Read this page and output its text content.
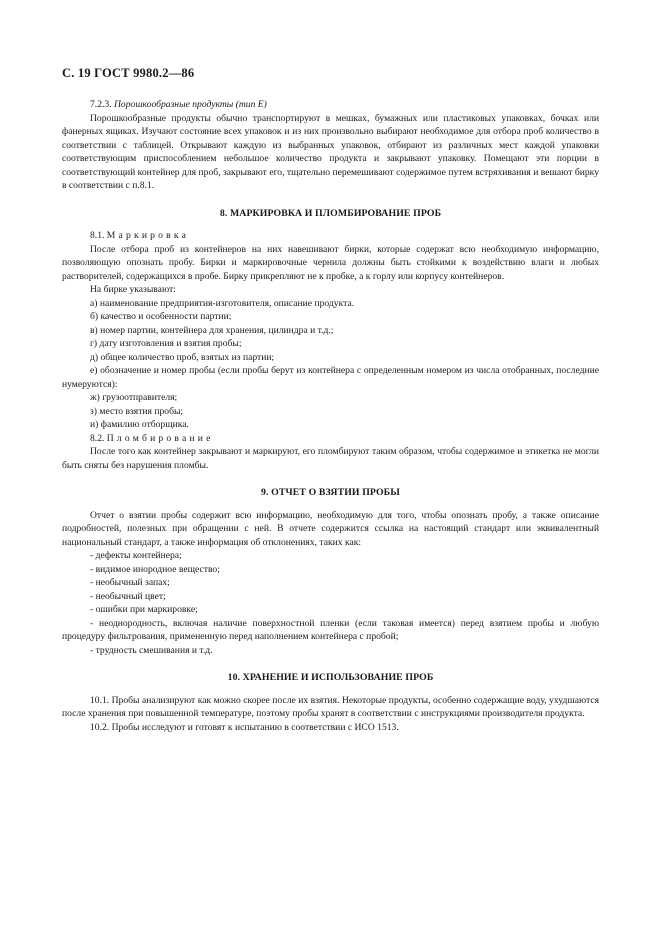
С. 19 ГОСТ 9980.2—86

7.2.3. Порошкообразные продукты (тип Е)

Порошкообразные продукты обычно транспортируют в мешках, бумажных или пластиковых упаковках, бочках или фанерных ящиках. Изучают состояние всех упаковок и из них произвольно выбирают необходимое для отбора проб количество в соответствии с таблицей. Открывают каждую из выбранных упаковок, отбирают из различных мест каждой упаковки соответствующим приспособлением небольшое количество продукта и закрывают упаковку. Помещают эти порции в соответствующий контейнер для проб, закрывают его, тщательно перемешивают содержимое путем встряхивания и вешают бирку в соответствии с п.8.1.

8. МАРКИРОВКА И ПЛОМБИРОВАНИЕ ПРОБ

8.1. Маркировка

После отбора проб из контейнеров на них навешивают бирки, которые содержат всю необходимую информацию, позволяющую опознать пробу. Бирки и маркировочные чернила должны быть стойкими к воздействию влаги и любых растворителей, содержащихся в пробе. Бирку прикрепляют не к пробке, а к горлу или корпусу контейнеров.

На бирке указывают:

а) наименование предприятия-изготовителя, описание продукта.

б) качество и особенности партии;

в) номер партии, контейнера для хранения, цилиндра и т.д.;

г) дату изготовления и взятия пробы;

д) общее количество проб, взятых из партии;

е) обозначение и номер пробы (если пробы берут из контейнера с определенным номером из числа отобранных, последние нумеруются):

ж) грузоотправителя;

з) место взятия пробы;

и) фамилию отборщика.

8.2. Пломбирование

После того как контейнер закрывают и маркируют, его пломбируют таким образом, чтобы содержимое и этикетка не могли быть сняты без нарушения пломбы.

9. ОТЧЕТ О ВЗЯТИИ ПРОБЫ

Отчет о взятии пробы содержит всю информацию, необходимую для того, чтобы опознать пробу, а также описание подробностей, полезных при обращении с ней. В отчете содержится ссылка на настоящий стандарт или эквивалентный национальный стандарт, а также информация об отклонениях, таких как:

- дефекты контейнера;

- видимое инородное вещество;

- необычный запах;

- необычный цвет;

- ошибки при маркировке;

- неоднородность, включая наличие поверхностной пленки (если таковая имеется) перед взятием пробы и любую процедуру фильтрования, примененную перед наполнением контейнера с пробой;

- трудность смешивания и т.д.

10. ХРАНЕНИЕ И ИСПОЛЬЗОВАНИЕ ПРОБ

10.1. Пробы анализируют как можно скорее после их взятия. Некоторые продукты, особенно содержащие воду, ухудшаются после хранения при повышенной температуре, поэтому пробы хранят в соответствии с инструкциями производителя продукта.

10.2. Пробы исследуют и готовят к испытанию в соответствии с ИСО 1513.
